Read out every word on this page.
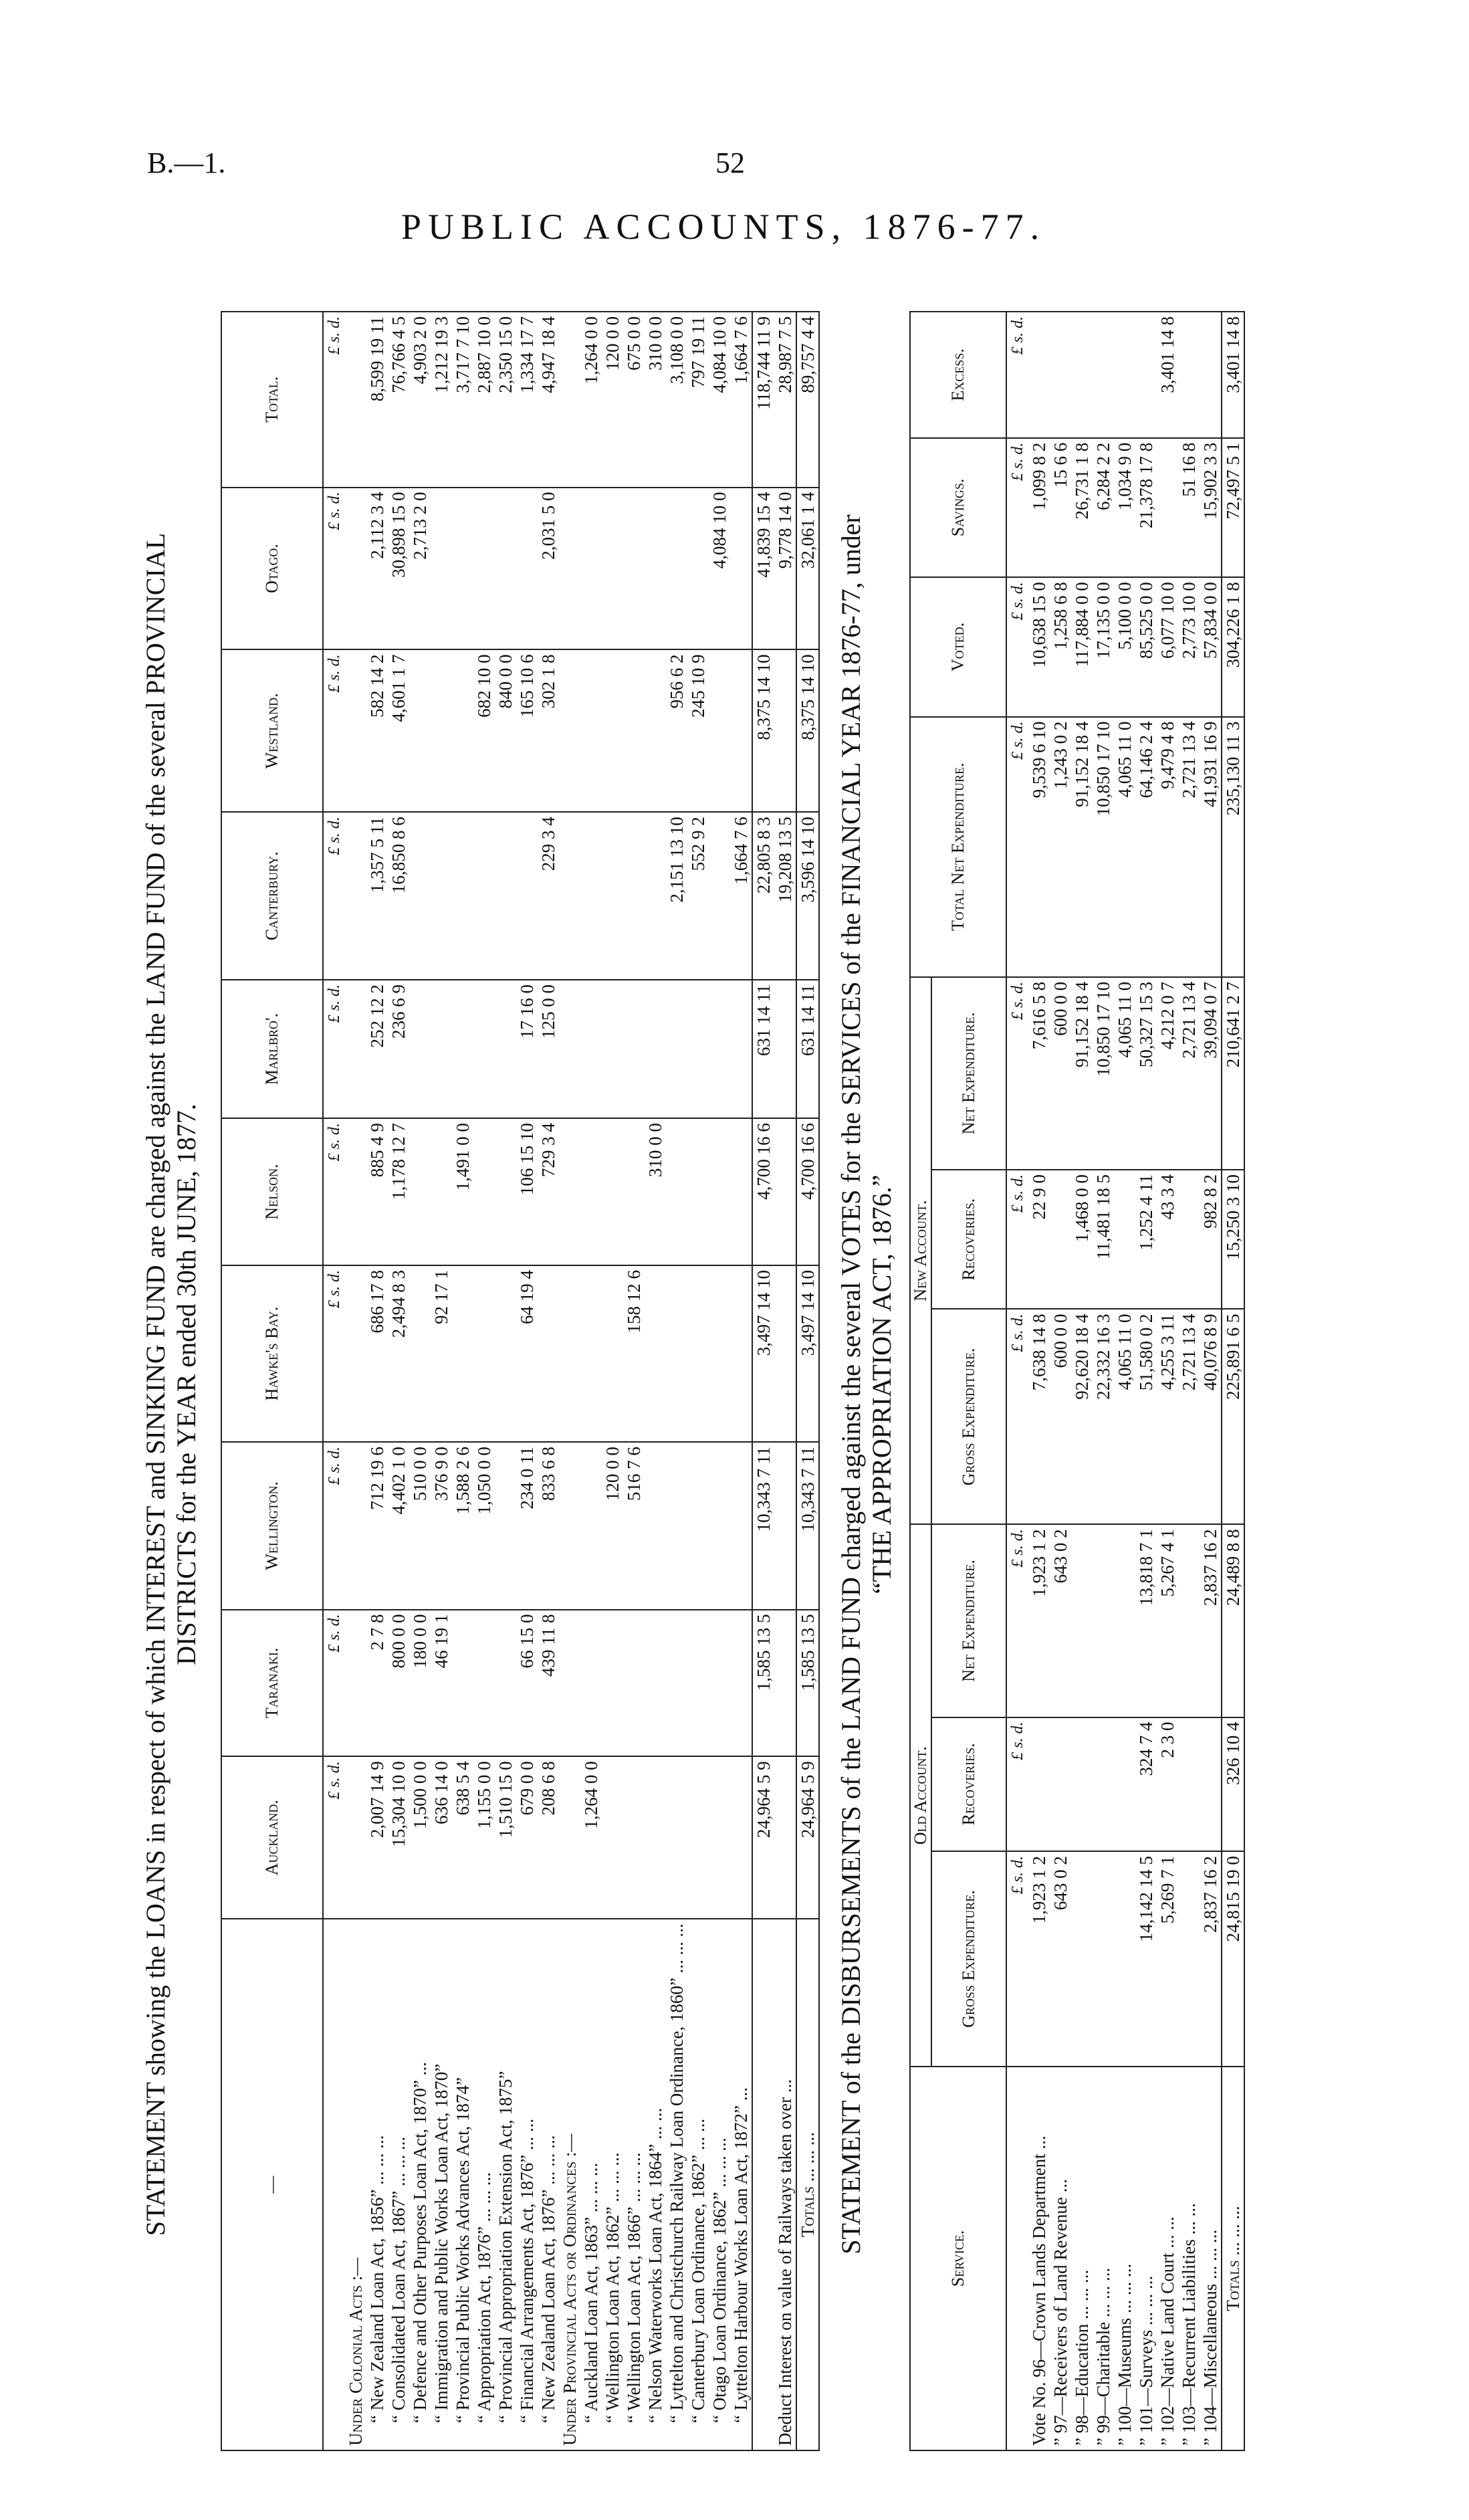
B.—1.	52
PUBLIC ACCOUNTS, 1876-77.
STATEMENT showing the LOANS in respect of which INTEREST and SINKING FUND are charged against the LAND FUND of the several PROVINCIAL DISTRICTS for the YEAR ended 30th JUNE, 1877.
—	Auckland.	Taranaki.	Wellington.	Hawke's Bay.	Nelson.	Marlbro'.	Canterbury.	Westland.	Otago.	Total.
	£ s. d.	£ s. d.	£ s. d.	£ s. d.	£ s. d.	£ s. d.	£ s. d.	£ s. d.	£ s. d.	£ s. d.
Under Colonial Acts :—										
“ New Zealand Loan Act, 1856” ... ... ...	2,007 14 9	2 7 8	712 19 6	686 17 8	885 4 9	252 12 2	1,357 5 11	582 14 2	2,112 3 4	8,599 19 11
“ Consolidated Loan Act, 1867” ... ... ...	15,304 10 0	800 0 0	4,402 1 0	2,494 8 3	1,178 12 7	236 6 9	16,850 8 6	4,601 1 7	30,898 15 0	76,766 4 5
“ Defence and Other Purposes Loan Act, 1870” ...	1,500 0 0	180 0 0	510 0 0						2,713 2 0	4,903 2 0
“ Immigration and Public Works Loan Act, 1870”	636 14 0	46 19 1	376 9 0	92 17 1						1,212 19 3
“ Provincial Public Works Advances Act, 1874”	638 5 4		1,588 2 6		1,491 0 0					3,717 7 10
“ Appropriation Act, 1876” ... ... ...	1,155 0 0		1,050 0 0					682 10 0		2,887 10 0
“ Provincial Appropriation Extension Act, 1875”	1,510 15 0							840 0 0		2,350 15 0
“ Financial Arrangements Act, 1876” ... ...	679 0 0	66 15 0	234 0 11	64 19 4	106 15 10	17 16 0		165 10 6		1,334 17 7
“ New Zealand Loan Act, 1876” ... ... ...	208 6 8	439 11 8	833 6 8		729 3 4	125 0 0	229 3 4	302 1 8	2,031 5 0	4,947 18 4
Under Provincial Acts or Ordinances :—										
“ Auckland Loan Act, 1863” ... ... ...	1,264 0 0									1,264 0 0
“ Wellington Loan Act, 1862” ... ... ...			120 0 0							120 0 0
“ Wellington Loan Act, 1866” ... ... ...			516 7 6	158 12 6						675 0 0
“ Nelson Waterworks Loan Act, 1864” ... ...					310 0 0					310 0 0
“ Lyttelton and Christchurch Railway Loan Ordinance, 1860” ... ... ...							2,151 13 10	956 6 2		3,108 0 0
“ Canterbury Loan Ordinance, 1862” ... ...							552 9 2	245 10 9		797 19 11
“ Otago Loan Ordinance, 1862” ... ... ...									4,084 10 0	4,084 10 0
“ Lyttelton Harbour Works Loan Act, 1872” ...							1,664 7 6			1,664 7 6
	24,964 5 9	1,585 13 5	10,343 7 11	3,497 14 10	4,700 16 6	631 14 11	22,805 8 3	8,375 14 10	41,839 15 4	118,744 11 9
Deduct Interest on value of Railways taken over ...							19,208 13 5		9,778 14 0	28,987 7 5
Totals ... ... ...	24,964 5 9	1,585 13 5	10,343 7 11	3,497 14 10	4,700 16 6	631 14 11	3,596 14 10	8,375 14 10	32,061 1 4	89,757 4 4
STATEMENT of the DISBURSEMENTS of the LAND FUND charged against the several VOTES for the SERVICES of the FINANCIAL YEAR 1876-77, under “THE APPROPRIATION ACT, 1876.”
Service.	Old Account.			New Account.			Total Net Expenditure.	Voted.	Savings.	Excess.
	Gross Expenditure.	Recoveries.	Net Expenditure.	Gross Expenditure.	Recoveries.	Net Expenditure.				
	£ s. d.	£ s. d.	£ s. d.	£ s. d.	£ s. d.	£ s. d.	£ s. d.	£ s. d.	£ s. d.	£ s. d.
Vote No. 96—Crown Lands Department ...	1,923 1 2		1,923 1 2	7,638 14 8	22 9 0	7,616 5 8	9,539 6 10	10,638 15 0	1,099 8 2	
” 97—Receivers of Land Revenue ...	643 0 2		643 0 2	600 0 0		600 0 0	1,243 0 2	1,258 6 8	15 6 6	
” 98—Education ... ... ...				92,620 18 4	1,468 0 0	91,152 18 4	91,152 18 4	117,884 0 0	26,731 1 8	
” 99—Charitable ... ... ...				22,332 16 3	11,481 18 5	10,850 17 10	10,850 17 10	17,135 0 0	6,284 2 2	
” 100—Museums ... ... ...				4,065 11 0		4,065 11 0	4,065 11 0	5,100 0 0	1,034 9 0	
” 101—Surveys ... ... ...	14,142 14 5	324 7 4	13,818 7 1	51,580 0 2	1,252 4 11	50,327 15 3	64,146 2 4	85,525 0 0	21,378 17 8	
” 102—Native Land Court ... ...	5,269 7 1	2 3 0	5,267 4 1	4,255 3 11	43 3 4	4,212 0 7	9,479 4 8	6,077 10 0		3,401 14 8
” 103—Recurrent Liabilities ... ...				2,721 13 4		2,721 13 4	2,721 13 4	2,773 10 0	51 16 8	
” 104—Miscellaneous ... ... ...	2,837 16 2		2,837 16 2	40,076 8 9	982 8 2	39,094 0 7	41,931 16 9	57,834 0 0	15,902 3 3	
Totals ... ... ...	24,815 19 0	326 10 4	24,489 8 8	225,891 6 5	15,250 3 10	210,641 2 7	235,130 11 3	304,226 1 8	72,497 5 1	3,401 14 8
